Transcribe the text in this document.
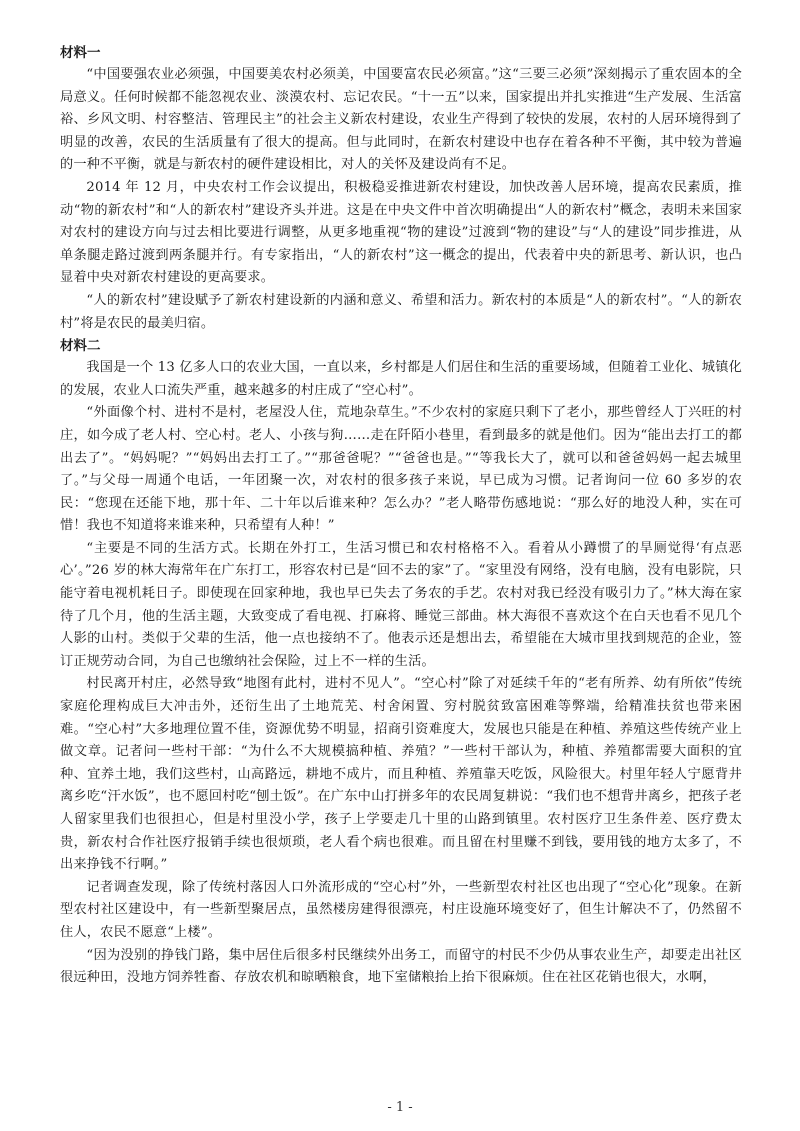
材料一

“中国要强农业必须强，中国要美农村必须美，中国要富农民必须富。”这“三要三必须”深刻揭示了重农固本的全局意义。任何时候都不能忽视农业、淡漠农村、忘记农民。“十一五”以来，国家提出并扎实推进“生产发展、生活富裕、乡风文明、村容整洁、管理民主”的社会主义新农村建设，农业生产得到了较快的发展，农村的人居环境得到了明显的改善，农民的生活质量有了很大的提高。但与此同时，在新农村建设中也存在着各种不平衡，其中较为普遍的一种不平衡，就是与新农村的硬件建设相比，对人的关怀及建设尚有不足。

2014 年 12 月，中央农村工作会议提出，积极稳妥推进新农村建设，加快改善人居环境，提高农民素质，推动“物的新农村”和“人的新农村”建设齐头并进。这是在中央文件中首次明确提出“人的新农村”概念，表明未来国家对农村的建设方向与过去相比要进行调整，从更多地重视“物的建设”过渡到“物的建设”与“人的建设”同步推进，从单条腿走路过渡到两条腿并行。有专家指出，“人的新农村”这一概念的提出，代表着中央的新思考、新认识，也凸显着中央对新农村建设的更高要求。

“人的新农村”建设赋予了新农村建设新的内涵和意义、希望和活力。新农村的本质是“人的新农村”。“人的新农村”将是农民的最美归宿。

材料二

我国是一个 13 亿多人口的农业大国，一直以来，乡村都是人们居住和生活的重要场域，但随着工业化、城镇化的发展，农业人口流失严重，越来越多的村庄成了“空心村”。

“外面像个村、进村不是村，老屋没人住，荒地杂草生。”不少农村的家庭只剩下了老小，那些曾经人丁兴旺的村庄，如今成了老人村、空心村。老人、小孩与狗……走在阡陌小巷里，看到最多的就是他们。因为“能出去打工的都出去了”。“妈妈呢？”“妈妈出去打工了。”“那爸爸呢？”“爸爸也是。”“等我长大了，就可以和爸爸妈妈一起去城里了。”与父母一周通个电话，一年团聚一次，对农村的很多孩子来说，早已成为习惯。记者询问一位 60 多岁的农民：“您现在还能下地，那十年、二十年以后谁来种？怎么办？”老人略带伤感地说：“那么好的地没人种，实在可惜！我也不知道将来谁来种，只希望有人种！”

“主要是不同的生活方式。长期在外打工，生活习惯已和农村格格不入。看着从小蹲惯了的旱厕觉得‘有点恶心’。”26 岁的林大海常年在广东打工，形容农村已是“回不去的家”了。“家里没有网络，没有电脑，没有电影院，只能守着电视机耗日子。即使现在回家种地，我也早已失去了务农的手艺。农村对我已经没有吸引力了。”林大海在家待了几个月，他的生活主题，大致变成了看电视、打麻将、睡觉三部曲。林大海很不喜欢这个在白天也看不见几个人影的山村。类似于父辈的生活，他一点也接纳不了。他表示还是想出去，希望能在大城市里找到规范的企业，签订正规劳动合同，为自己也缴纳社会保险，过上不一样的生活。

村民离开村庄，必然导致“地图有此村，进村不见人”。“空心村”除了对延续千年的“老有所养、幼有所依”传统家庭伦理构成巨大冲击外，还衍生出了土地荒芜、村舍闲置、穷村脱贫致富困难等弊端，给精准扶贫也带来困难。“空心村”大多地理位置不佳，资源优势不明显，招商引资难度大，发展也只能是在种植、养殖这些传统产业上做文章。记者问一些村干部：“为什么不大规模搞种植、养殖？”一些村干部认为，种植、养殖都需要大面积的宜种、宜养土地，我们这些村，山高路远，耕地不成片，而且种植、养殖靠天吃饭，风险很大。村里年轻人宁愿背井离乡吃“汗水饭”，也不愿回村吃“刨土饭”。在广东中山打拼多年的农民周复耕说：“我们也不想背井离乡，把孩子老人留家里我们也很担心，但是村里没小学，孩子上学要走几十里的山路到镇里。农村医疗卫生条件差、医疗费太贵，新农村合作社医疗报销手续也很烦琐，老人看个病也很难。而且留在村里赚不到钱，要用钱的地方太多了，不出来挣钱不行啊。”

记者调查发现，除了传统村落因人口外流形成的“空心村”外，一些新型农村社区也出现了“空心化”现象。在新型农村社区建设中，有一些新型聚居点，虽然楼房建得很漂亮，村庄设施环境变好了，但生计解决不了，仍然留不住人，农民不愿意“上楼”。

“因为没别的挣钱门路，集中居住后很多村民继续外出务工，而留守的村民不少仍从事农业生产，却要走出社区很远种田，没地方饲养牲畜、存放农机和晾晒粮食，地下室储粮抬上抬下很麻烦。住在社区花销也很大，水啊，

- 1 -
